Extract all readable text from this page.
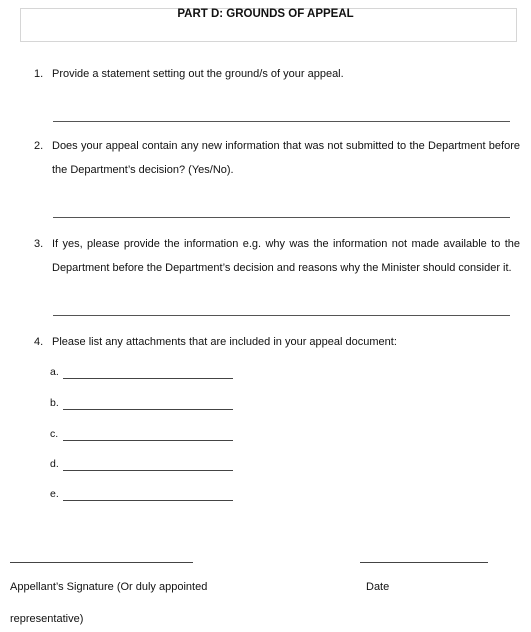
PART D: GROUNDS OF APPEAL
1. Provide a statement setting out the ground/s of your appeal.
2. Does your appeal contain any new information that was not submitted to the Department before the Department’s decision? (Yes/No).
3. If yes, please provide the information e.g. why was the information not made available to the Department before the Department’s decision and reasons why the Minister should consider it.
4. Please list any attachments that are included in your appeal document:
a.
b.
c.
d.
e.
Appellant’s Signature (Or duly appointed
representative)
Date
